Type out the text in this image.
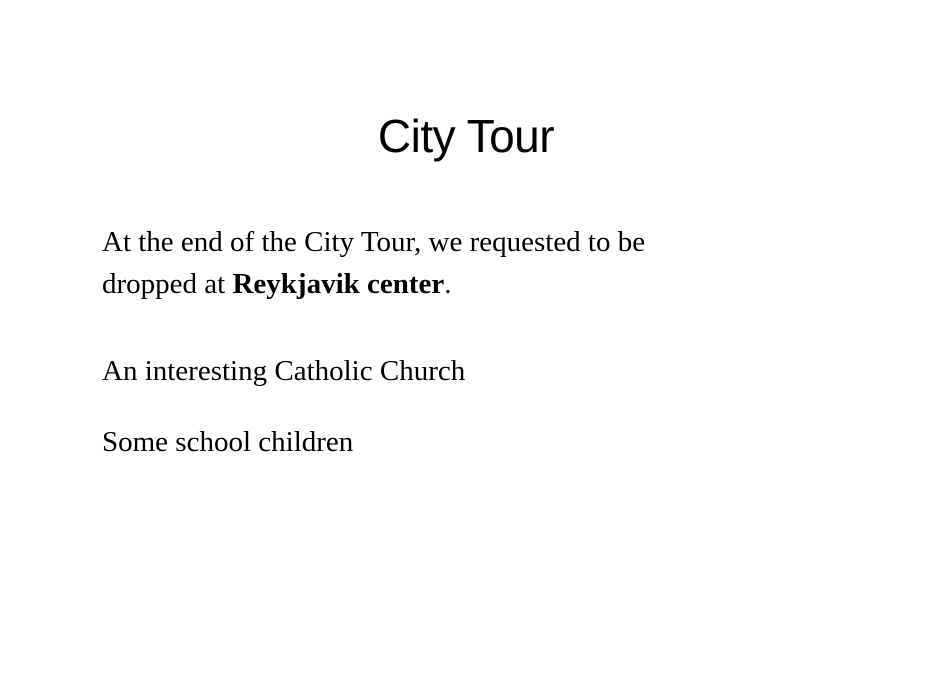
City Tour

At the end of the City Tour, we requested to be
dropped at Reykjavik center.

An interesting Catholic Church

Some school children
